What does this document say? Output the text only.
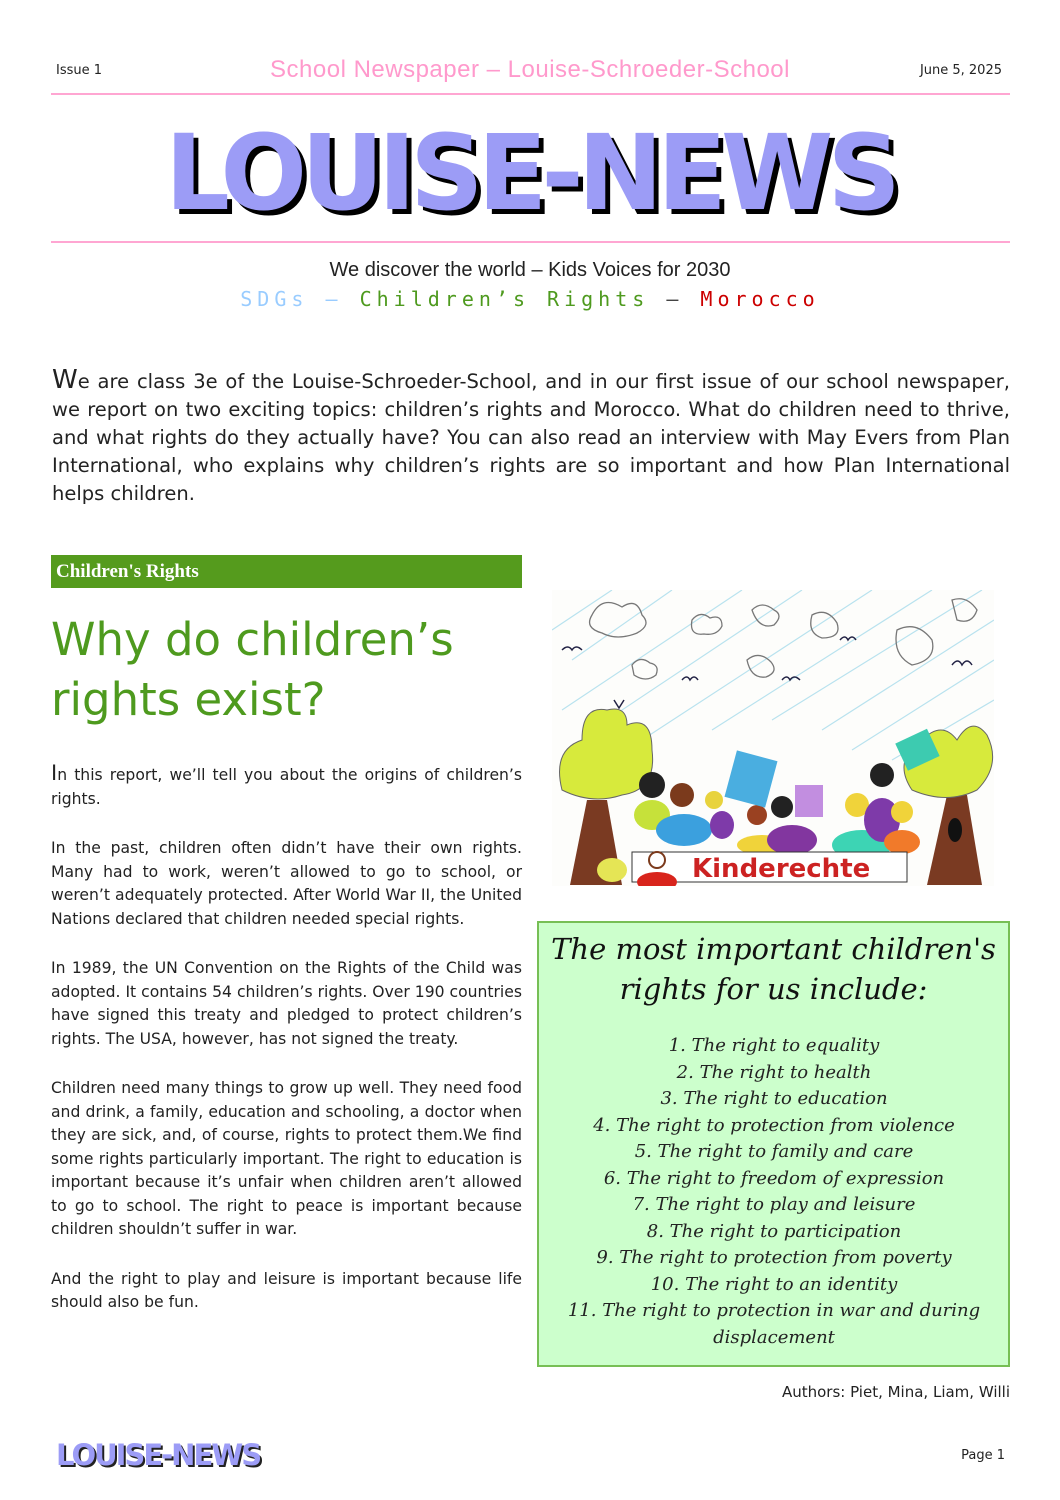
Issue 1	School Newspaper – Louise-Schroeder-School	June 5, 2025
LOUISE-NEWS
We discover the world – Kids Voices for 2030
SDGs – Children’s Rights – Morocco
We are class 3e of the Louise-Schroeder-School, and in our first issue of our school newspaper, we report on two exciting topics: children’s rights and Morocco. What do children need to thrive, and what rights do they actually have? You can also read an interview with May Evers from Plan International, who explains why children’s rights are so important and how Plan International helps children.
Children's Rights
Why do children’s rights exist?

In this report, we’ll tell you about the origins of children’s rights.

In the past, children often didn’t have their own rights. Many had to work, weren’t allowed to go to school, or weren’t adequately protected. After World War II, the United Nations declared that children needed special rights.

In 1989, the UN Convention on the Rights of the Child was adopted. It contains 54 children’s rights. Over 190 countries have signed this treaty and pledged to protect children’s rights. The USA, however, has not signed the treaty.

Children need many things to grow up well. They need food and drink, a family, education and schooling, a doctor when they are sick, and, of course, rights to protect them.We find some rights particularly important. The right to education is important because it’s unfair when children aren’t allowed to go to school. The right to peace is important because children shouldn’t suffer in war.

And the right to play and leisure is important because life should also be fun.

Kinderechte
The most important children's rights for us include:
1. The right to equality
2. The right to health
3. The right to education
4. The right to protection from violence
5. The right to family and care
6. The right to freedom of expression
7. The right to play and leisure
8. The right to participation
9. The right to protection from poverty
10. The right to an identity
11. The right to protection in war and during displacement
Authors: Piet, Mina, Liam, Willi
LOUISE-NEWS	Page 1
